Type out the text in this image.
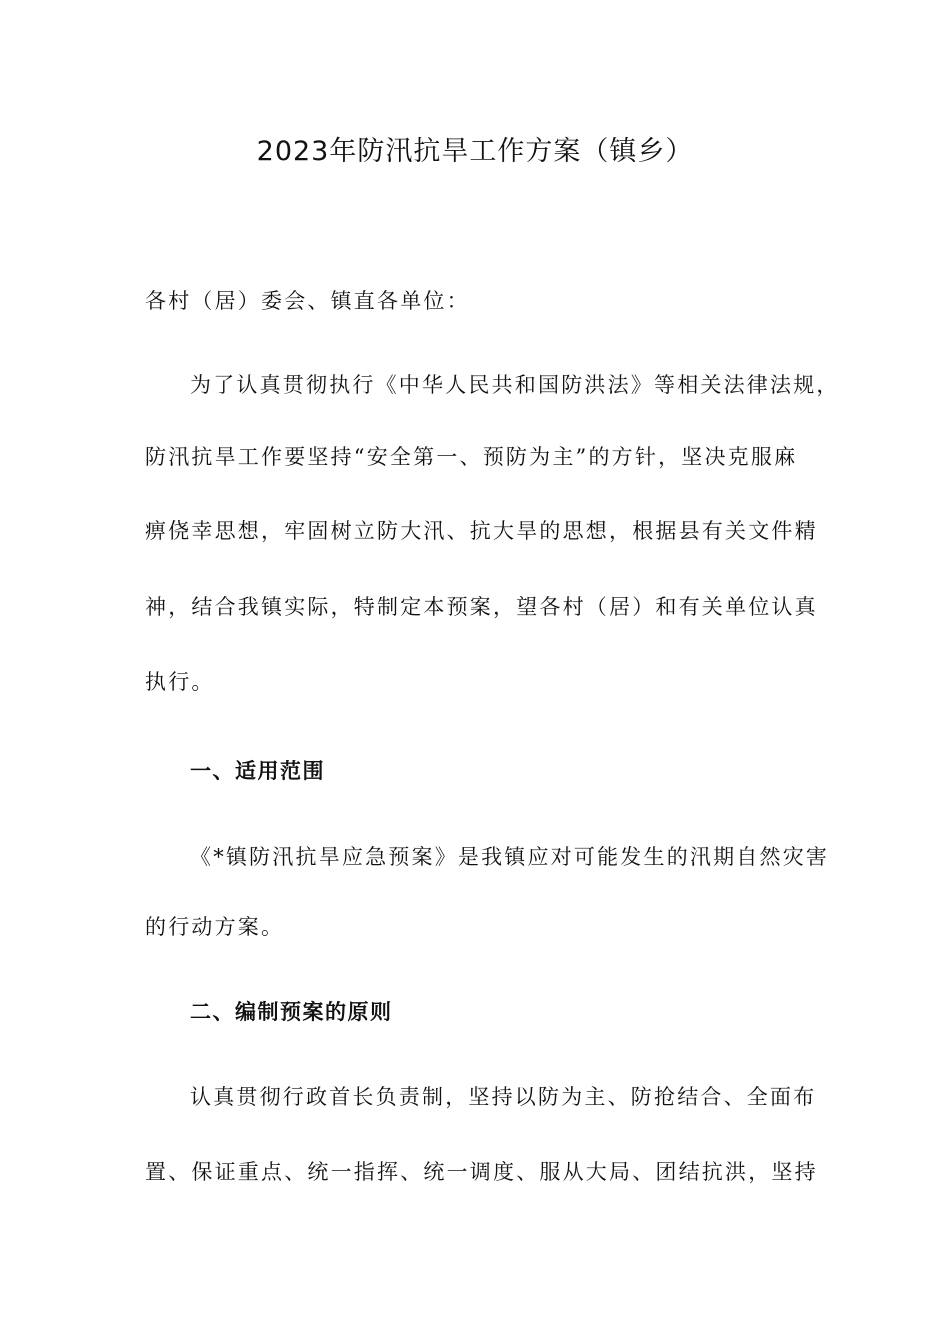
2023年防汛抗旱工作方案（镇乡）

各村（居）委会、镇直各单位：

为了认真贯彻执行《中华人民共和国防洪法》等相关法律法规，

防汛抗旱工作要坚持“安全第一、预防为主”的方针，坚决克服麻

痹侥幸思想，牢固树立防大汛、抗大旱的思想，根据县有关文件精

神，结合我镇实际，特制定本预案，望各村（居）和有关单位认真

执行。

一、适用范围

《*镇防汛抗旱应急预案》是我镇应对可能发生的汛期自然灾害

的行动方案。

二、编制预案的原则

认真贯彻行政首长负责制，坚持以防为主、防抢结合、全面布

置、保证重点、统一指挥、统一调度、服从大局、团结抗洪，坚持
